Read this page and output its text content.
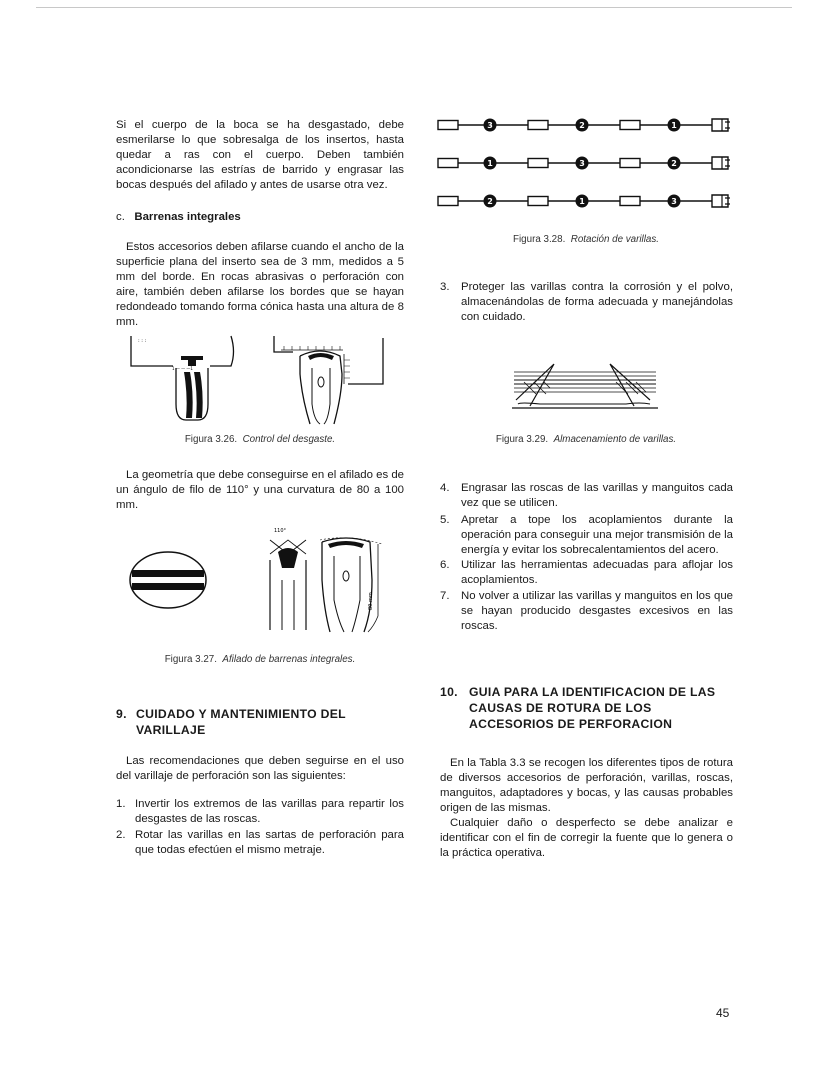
Si el cuerpo de la boca se ha desgastado, debe esmerilarse lo que sobresalga de los insertos, hasta quedar a ras con el cuerpo. Deben también acondicionarse las estrías de barrido y engrasar las bocas después del afilado y antes de usarse otra vez.

c. Barrenas integrales

Estos accesorios deben afilarse cuando el ancho de la superficie plana del inserto sea de 3 mm, medidos a 5 mm del borde. En rocas abrasivas o perforación con aire, también deben afilarse los bordes que se hayan redondeado tomando forma cónica hasta una altura de 8 mm.

: : :
1 — — —1
Figura 3.26. Control del desgaste.

La geometría que debe conseguirse en el afilado es de un ángulo de filo de 110° y una curvatura de 80 a 100 mm.

110°
80 mm
Figura 3.27. Afilado de barrenas integrales.
9. CUIDADO Y MANTENIMIENTO DEL VARILLAJE

Las recomendaciones que deben seguirse en el uso del varillaje de perforación son las siguientes:

1. Invertir los extremos de las varillas para repartir los desgastes de las roscas.
2. Rotar las varillas en las sartas de perforación para que todas efectúen el mismo metraje.
3	2	1
1	3	2
2	1	3
Figura 3.28. Rotación de varillas.
3. Proteger las varillas contra la corrosión y el polvo, almacenándolas de forma adecuada y manejándolas con cuidado.
Figura 3.29. Almacenamiento de varillas.
4. Engrasar las roscas de las varillas y manguitos cada vez que se utilicen.
5. Apretar a tope los acoplamientos durante la operación para conseguir una mejor transmisión de la energía y evitar los sobrecalentamientos del acero.
6. Utilizar las herramientas adecuadas para aflojar los acoplamientos.
7. No volver a utilizar las varillas y manguitos en los que se hayan producido desgastes excesivos en las roscas.
10. GUIA PARA LA IDENTIFICACION DE LAS CAUSAS DE ROTURA DE LOS ACCESORIOS DE PERFORACION

En la Tabla 3.3 se recogen los diferentes tipos de rotura de diversos accesorios de perforación, varillas, roscas, manguitos, adaptadores y bocas, y las causas probables origen de las mismas.

Cualquier daño o desperfecto se debe analizar e identificar con el fin de corregir la fuente que lo genera o la práctica operativa.

45
